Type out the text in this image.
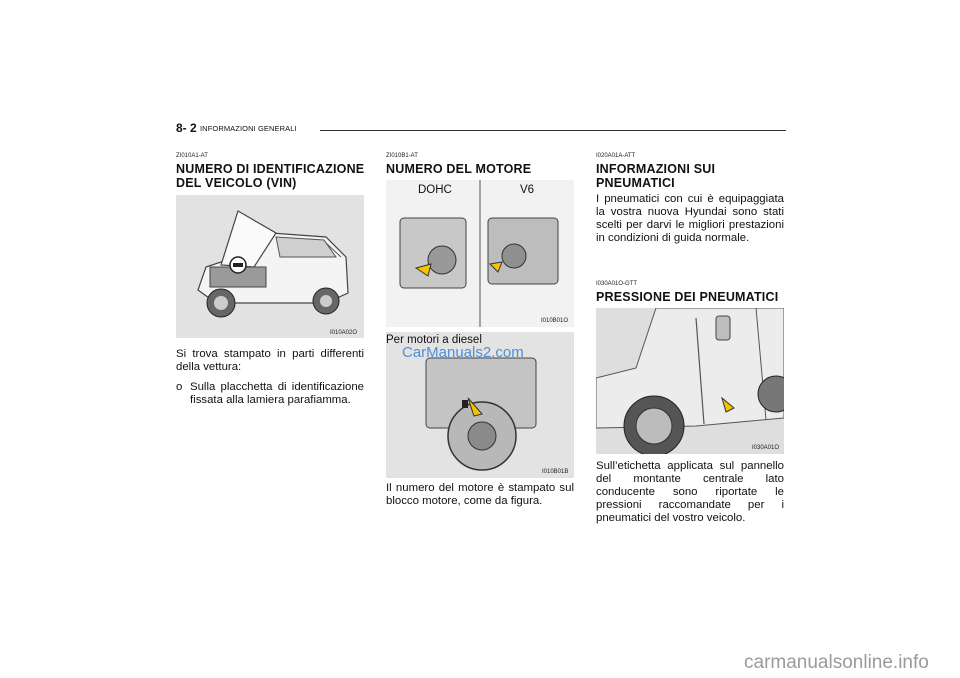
8- 2 INFORMAZIONI GENERALI
ZI010A1-AT
NUMERO DI IDENTIFICAZIONE
DEL VEICOLO (VIN)
I010A02O
Si trova stampato in parti differenti della vettura:
o Sulla placchetta di identificazione fissata alla lamiera parafiamma.
ZI010B1-AT
NUMERO DEL MOTORE
DOHC	V6
I010B01O
Per motori a diesel
CarManuals2.com
I010B01B
Il numero del motore è stampato sul blocco motore, come da figura.
I020A01A-ATT
INFORMAZIONI SUI
PNEUMATICI
I pneumatici con cui è equipaggiata la vostra nuova Hyundai sono stati scelti per darvi le migliori prestazioni in condizioni di guida normale.
I030A01O-GTT
PRESSIONE DEI PNEUMATICI
I030A01O
Sull’etichetta applicata sul pannello del montante centrale lato conducente sono riportate le pressioni raccomandate per i pneumatici del vostro veicolo.
carmanualsonline.info
